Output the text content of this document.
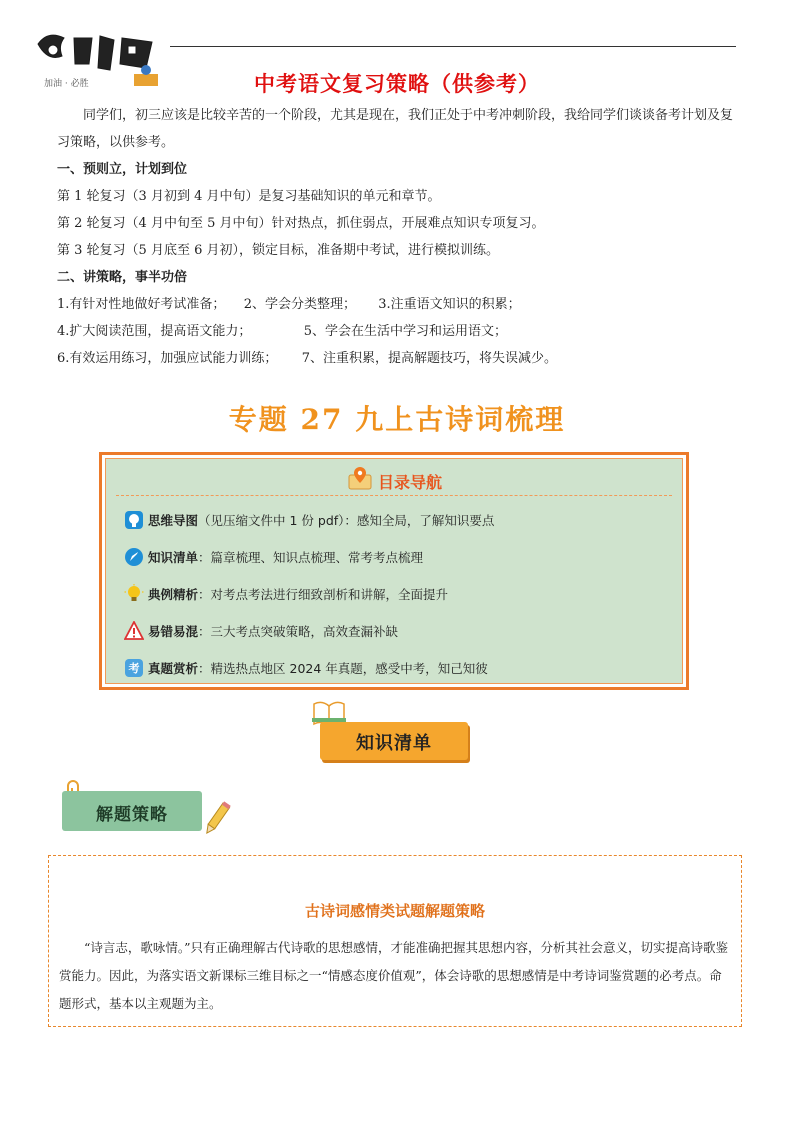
加油 · 必胜	中考语文复习策略（供参考）
同学们，初三应该是比较辛苦的一个阶段，尤其是现在，我们正处于中考冲刺阶段，我给同学们谈谈备考计划及复习策略，以供参考。
一、预则立，计划到位
第 1 轮复习（3 月初到 4 月中旬）是复习基础知识的单元和章节。
第 2 轮复习（4 月中旬至 5 月中旬）针对热点，抓住弱点，开展难点知识专项复习。
第 3 轮复习（5 月底至 6 月初），锁定目标，准备期中考试，进行模拟训练。
二、讲策略，事半功倍
1.有针对性地做好考试准备； 2、学会分类整理； 3.注重语文知识的积累；
4.扩大阅读范围，提高语文能力；	5、学会在生活中学习和运用语文；
6.有效运用练习，加强应试能力训练； 7、注重积累，提高解题技巧，将失误减少。
专题 27 九上古诗词梳理
目录导航
思维导图 （见压缩文件中 1 份 pdf）：感知全局，了解知识要点
知识清单 ：篇章梳理、知识点梳理、常考考点梳理
典例精析 ：对考点考法进行细致剖析和讲解，全面提升
易错易混 ：三大考点突破策略，高效查漏补缺
考 真题赏析 ：精选热点地区 2024 年真题，感受中考，知己知彼
知识清单
解题策略
古诗词感情类试题解题策略
“诗言志，歌咏情。”只有正确理解古代诗歌的思想感情，才能准确把握其思想内容，分析其社会意义，切实提高诗歌鉴赏能力。因此，为落实语文新课标三维目标之一“情感态度价值观”，体会诗歌的思想感情是中考诗词鉴赏题的必考点。命题形式，基本以主观题为主。
